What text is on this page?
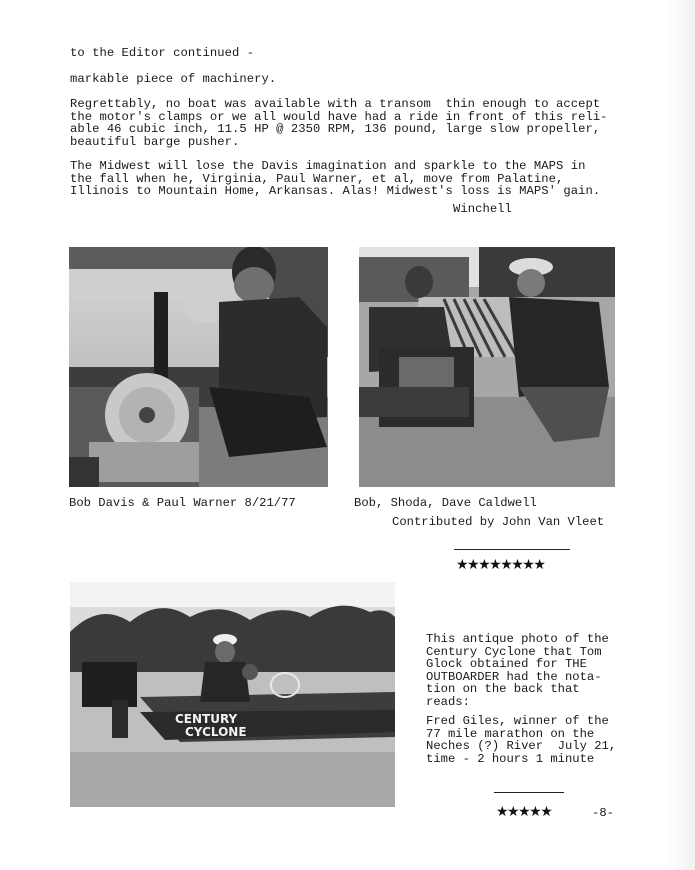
to the Editor continued -
markable piece of machinery.
Regrettably, no boat was available with a transom  thin enough to accept
the motor's clamps or we all would have had a ride in front of this reli-
able 46 cubic inch, 11.5 HP @ 2350 RPM, 136 pound, large slow propeller,
beautiful barge pusher.
The Midwest will lose the Davis imagination and sparkle to the MAPS in
the fall when he, Virginia, Paul Warner, et al, move from Palatine,
Illinois to Mountain Home, Arkansas. Alas! Midwest's loss is MAPS' gain.
Winchell
Bob Davis & Paul Warner 8/21/77	Bob, Shoda, Dave Caldwell
Contributed by John Van Vleet
★★★★★★★★
CENTURY
CYCLONE
This antique photo of the
Century Cyclone that Tom
Glock obtained for THE
OUTBOARDER had the nota-
tion on the back that
reads:
Fred Giles, winner of the
77 mile marathon on the
Neches (?) River  July 21,
time - 2 hours 1 minute
★★★★★	-8-
